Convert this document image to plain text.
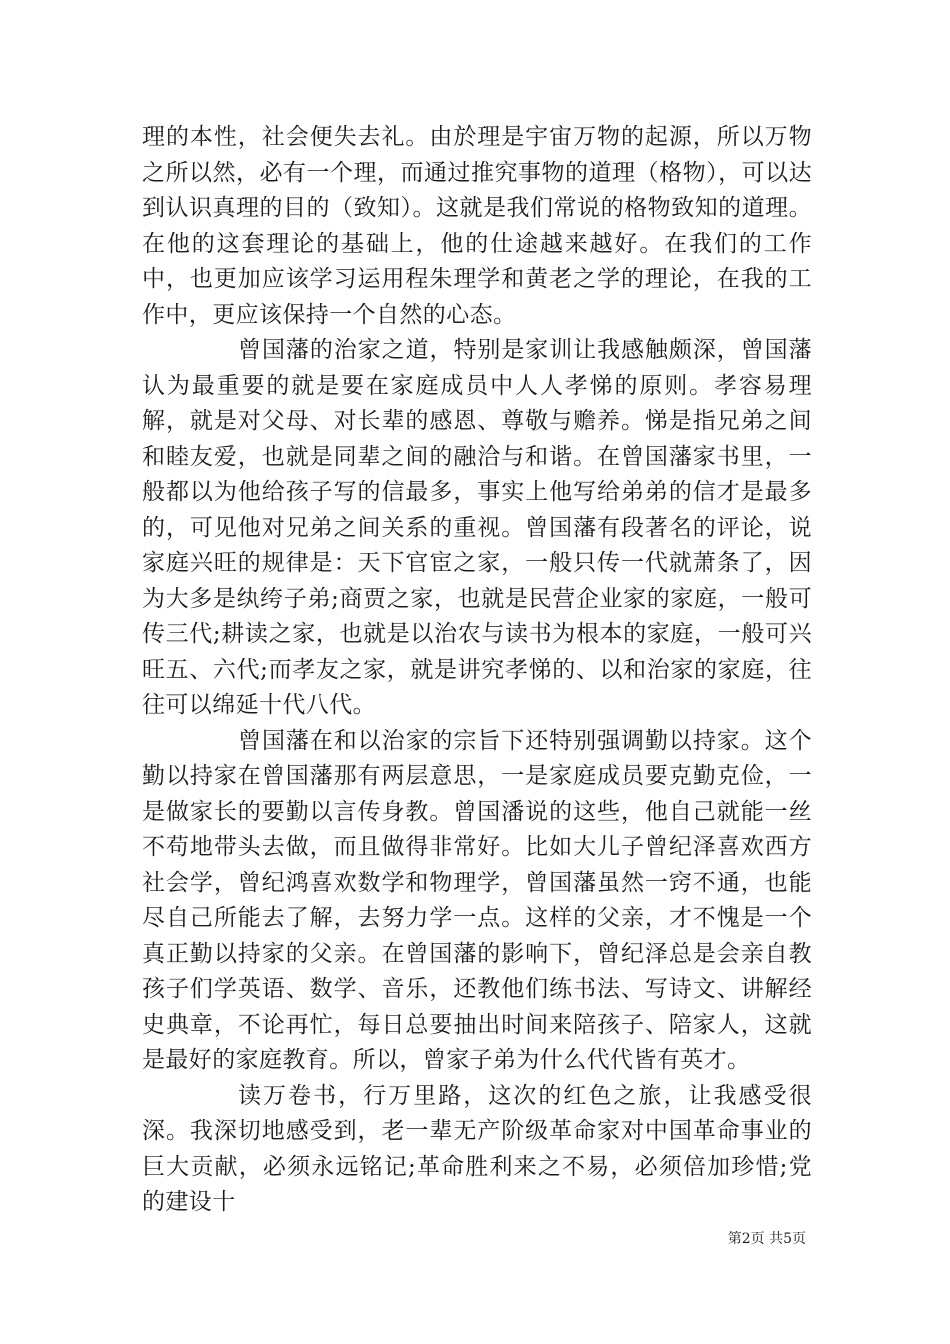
理的本性，社会便失去礼。由於理是宇宙万物的起源，所以万物之所以然，必有一个理，而通过推究事物的道理（格物），可以达到认识真理的目的（致知）。这就是我们常说的格物致知的道理。在他的这套理论的基础上，他的仕途越来越好。在我们的工作中，也更加应该学习运用程朱理学和黄老之学的理论，在我的工作中，更应该保持一个自然的心态。

曾国藩的治家之道，特别是家训让我感触颇深，曾国藩认为最重要的就是要在家庭成员中人人孝悌的原则。孝容易理解，就是对父母、对长辈的感恩、尊敬与赡养。悌是指兄弟之间和睦友爱，也就是同辈之间的融洽与和谐。在曾国藩家书里，一般都以为他给孩子写的信最多，事实上他写给弟弟的信才是最多的，可见他对兄弟之间关系的重视。曾国藩有段著名的评论，说家庭兴旺的规律是：天下官宦之家，一般只传一代就萧条了，因为大多是纨绔子弟;商贾之家，也就是民营企业家的家庭，一般可传三代;耕读之家，也就是以治农与读书为根本的家庭，一般可兴旺五、六代;而孝友之家，就是讲究孝悌的、以和治家的家庭，往往可以绵延十代八代。

曾国藩在和以治家的宗旨下还特别强调勤以持家。这个勤以持家在曾国藩那有两层意思，一是家庭成员要克勤克俭，一是做家长的要勤以言传身教。曾国潘说的这些，他自己就能一丝不苟地带头去做，而且做得非常好。比如大儿子曾纪泽喜欢西方社会学，曾纪鸿喜欢数学和物理学，曾国藩虽然一窍不通，也能尽自己所能去了解，去努力学一点。这样的父亲，才不愧是一个真正勤以持家的父亲。在曾国藩的影响下，曾纪泽总是会亲自教孩子们学英语、数学、音乐，还教他们练书法、写诗文、讲解经史典章，不论再忙，每日总要抽出时间来陪孩子、陪家人，这就是最好的家庭教育。所以，曾家子弟为什么代代皆有英才。

读万卷书，行万里路，这次的红色之旅，让我感受很深。我深切地感受到，老一辈无产阶级革命家对中国革命事业的巨大贡献，必须永远铭记;革命胜利来之不易，必须倍加珍惜;党的建设十

第2页 共5页
